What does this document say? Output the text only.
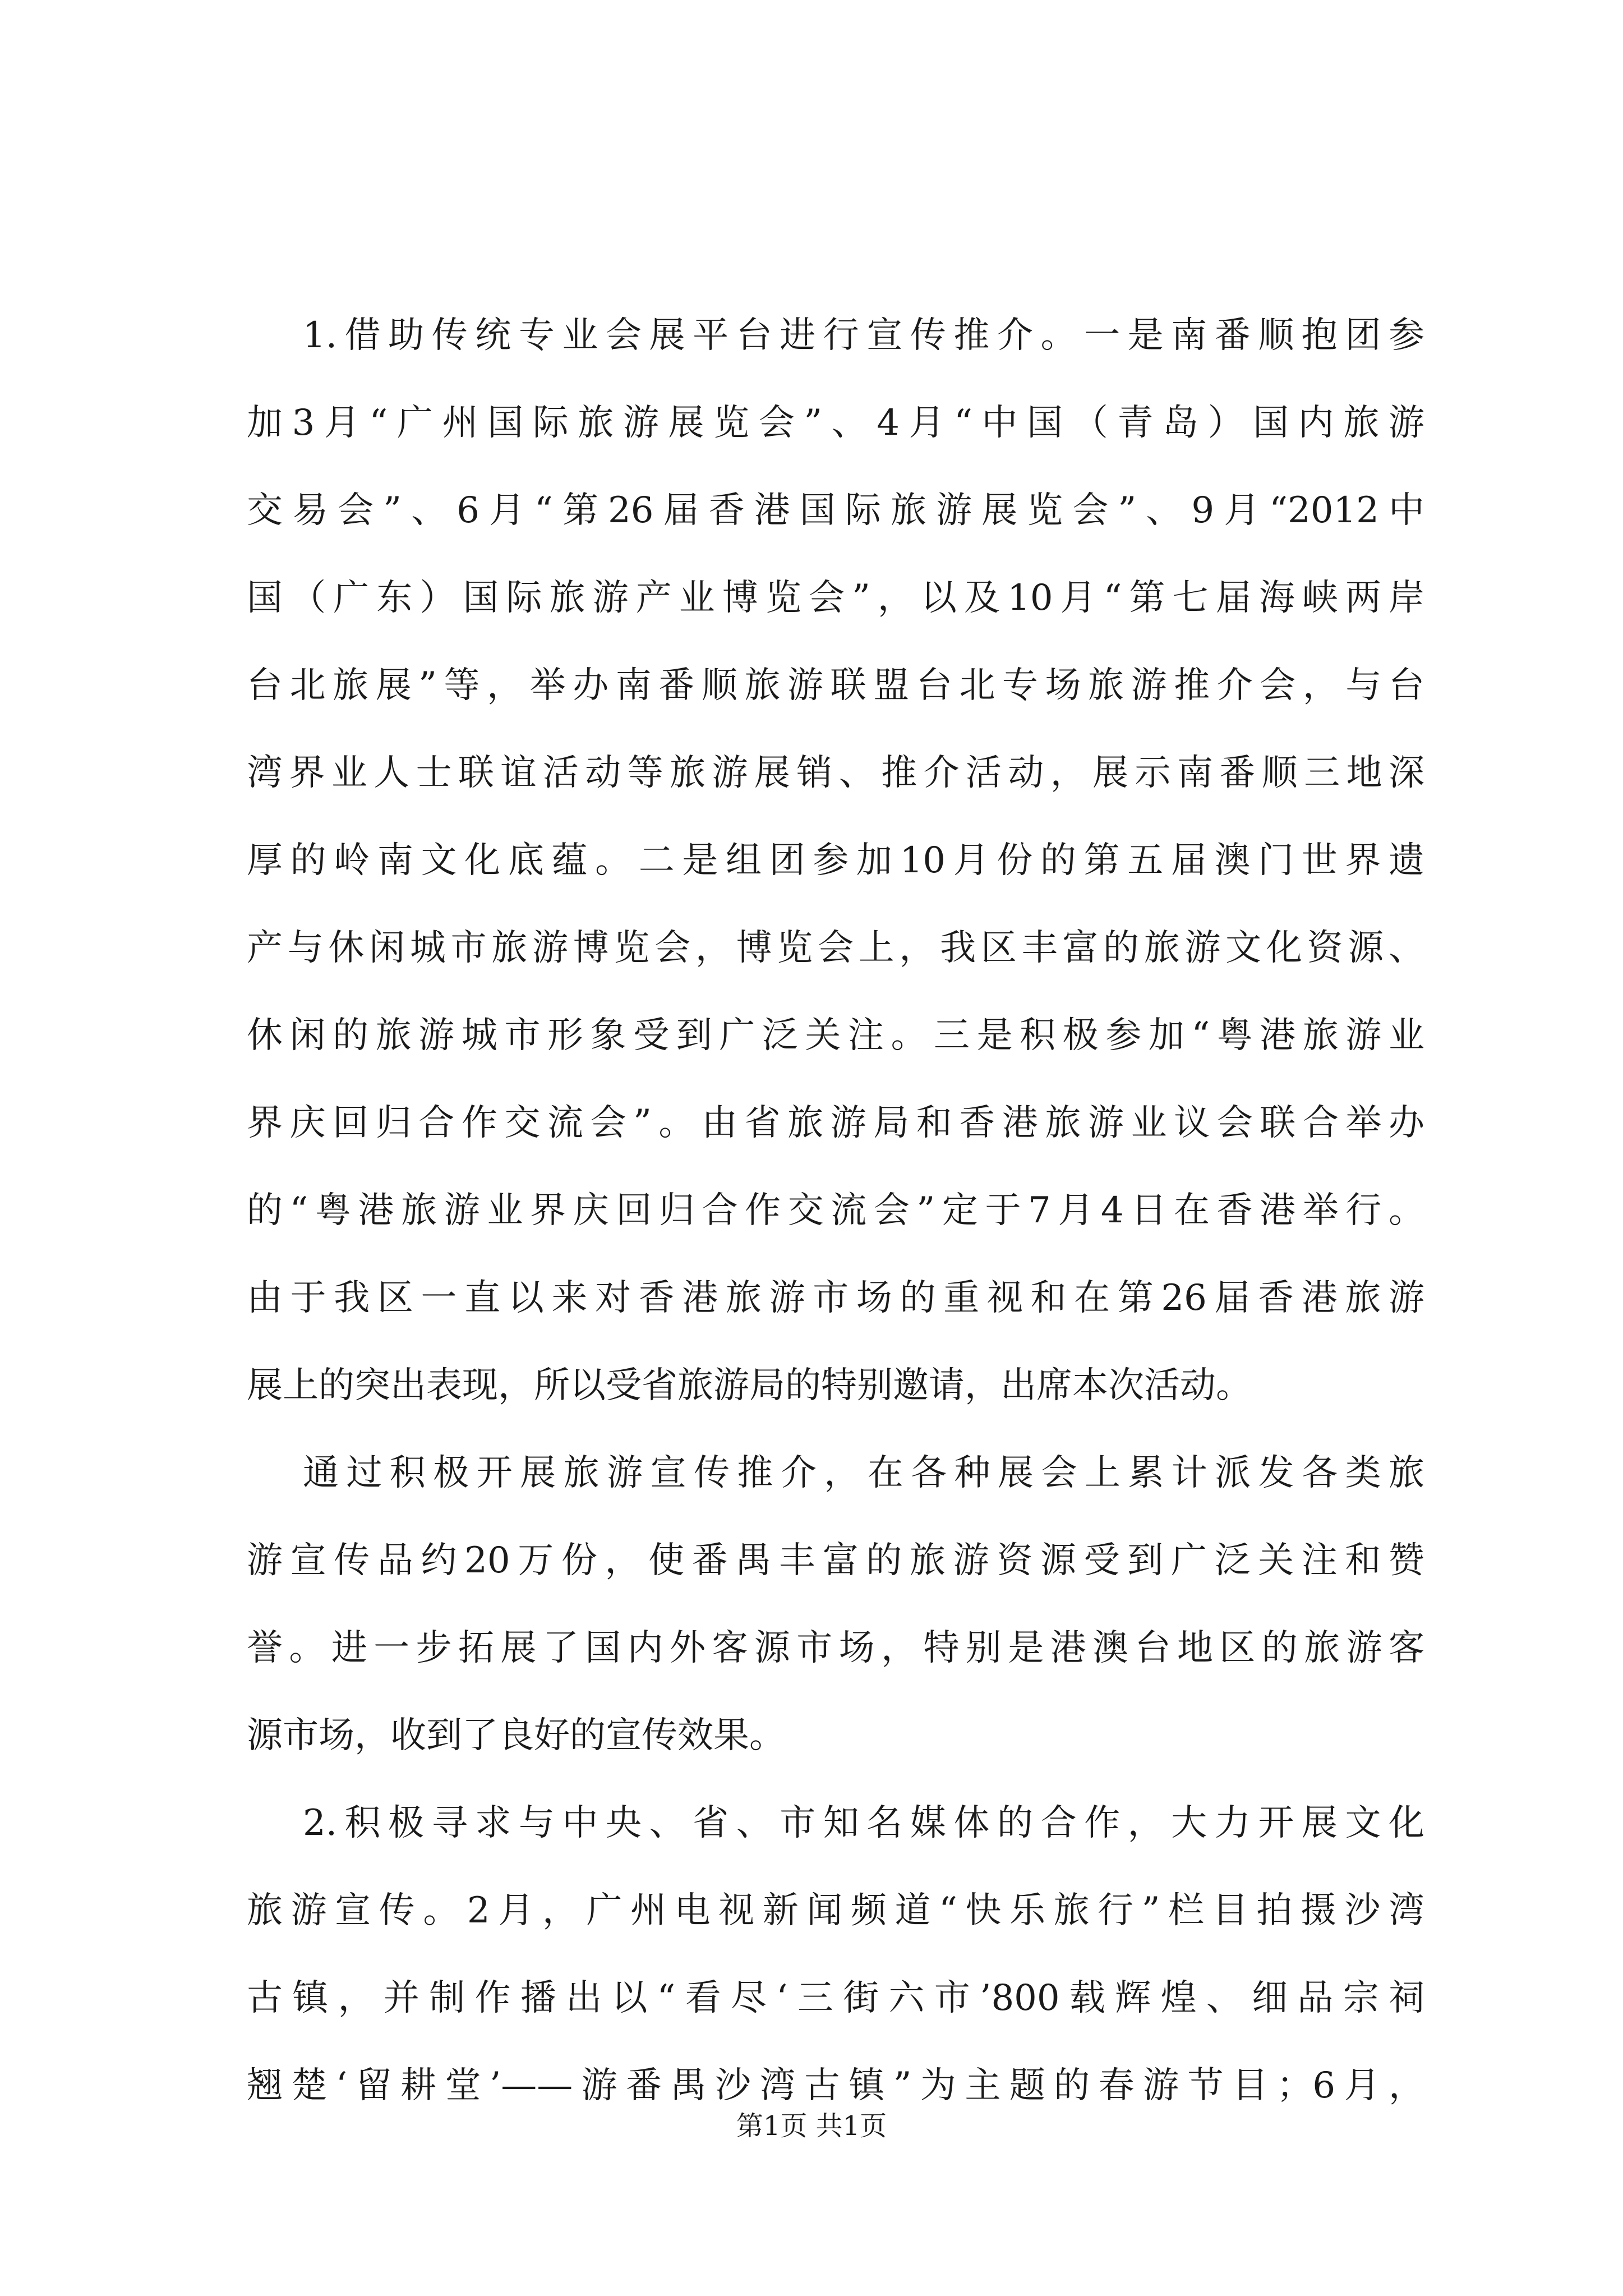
1.借助传统专业会展平台进行宣传推介。一是南番顺抱团参
加3月“广州国际旅游展览会”、4月“中国（青岛）国内旅游
交易会”、6月“第26届香港国际旅游展览会”、9月“2012中
国（广东）国际旅游产业博览会”，以及10月“第七届海峡两岸
台北旅展”等，举办南番顺旅游联盟台北专场旅游推介会，与台
湾界业人士联谊活动等旅游展销、推介活动，展示南番顺三地深
厚的岭南文化底蕴。二是组团参加10月份的第五届澳门世界遗
产与休闲城市旅游博览会，博览会上，我区丰富的旅游文化资源、
休闲的旅游城市形象受到广泛关注。三是积极参加“粤港旅游业
界庆回归合作交流会”。由省旅游局和香港旅游业议会联合举办
的“粤港旅游业界庆回归合作交流会”定于7月4日在香港举行。
由于我区一直以来对香港旅游市场的重视和在第26届香港旅游
展上的突出表现，所以受省旅游局的特别邀请，出席本次活动。
通过积极开展旅游宣传推介，在各种展会上累计派发各类旅
游宣传品约20万份，使番禺丰富的旅游资源受到广泛关注和赞
誉。进一步拓展了国内外客源市场，特别是港澳台地区的旅游客
源市场，收到了良好的宣传效果。
2.积极寻求与中央、省、市知名媒体的合作，大力开展文化
旅游宣传。2月，广州电视新闻频道“快乐旅行”栏目拍摄沙湾
古镇，并制作播出以“看尽‘三街六市’800载辉煌、细品宗祠
翘楚‘留耕堂’——游番禺沙湾古镇”为主题的春游节目；6月，
第1页 共1页
